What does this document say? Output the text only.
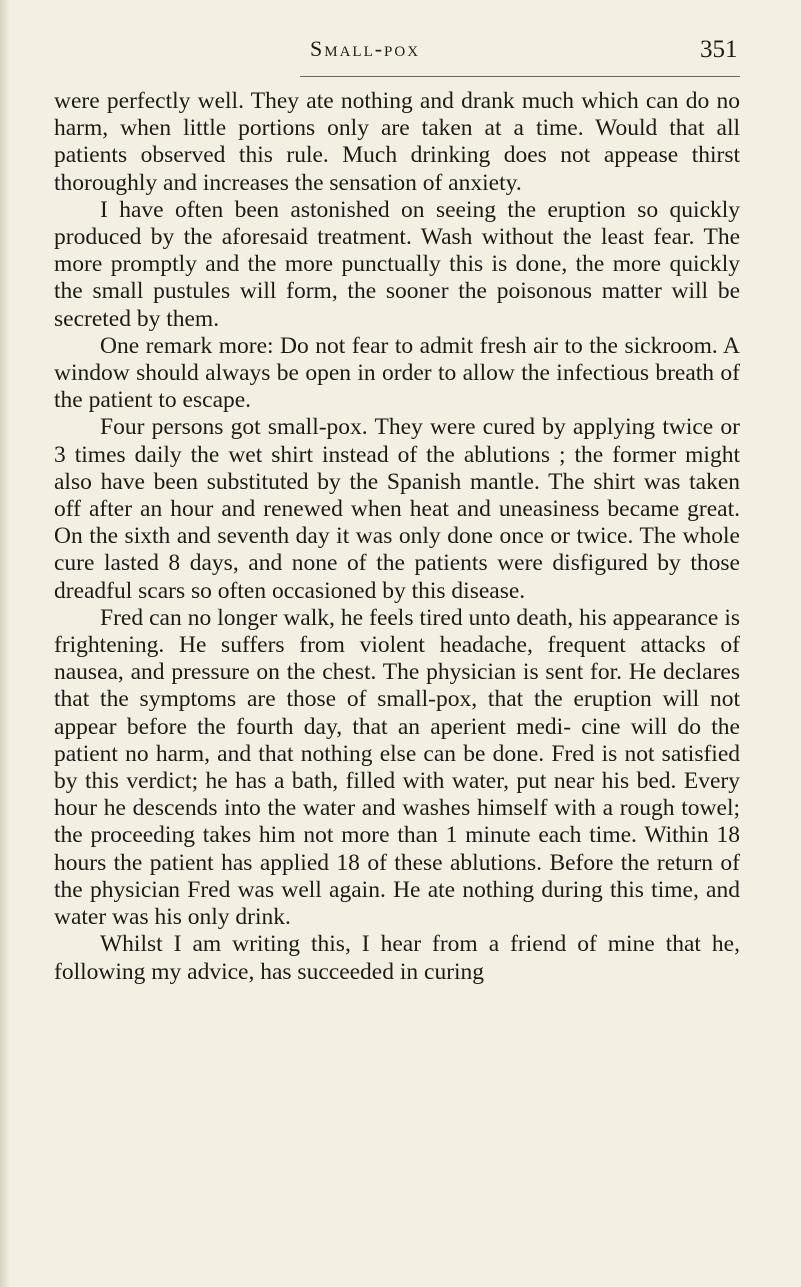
Small-pox	351

were perfectly well. They ate nothing and drank much which can do no harm, when little portions only are taken at a time. Would that all patients observed this rule. Much drinking does not appease thirst thoroughly and increases the sensation of anxiety.

I have often been astonished on seeing the eruption so quickly produced by the aforesaid treatment. Wash without the least fear. The more promptly and the more punctually this is done, the more quickly the small pustules will form, the sooner the poisonous matter will be secreted by them.

One remark more: Do not fear to admit fresh air to the sickroom. A window should always be open in order to allow the infectious breath of the patient to escape.

Four persons got small-pox. They were cured by applying twice or 3 times daily the wet shirt instead of the ablutions ; the former might also have been substituted by the Spanish mantle. The shirt was taken off after an hour and renewed when heat and uneasiness became great. On the sixth and seventh day it was only done once or twice. The whole cure lasted 8 days, and none of the patients were disfigured by those dreadful scars so often occasioned by this disease.

Fred can no longer walk, he feels tired unto death, his appearance is frightening. He suffers from violent headache, frequent attacks of nausea, and pressure on the chest. The physician is sent for. He declares that the symptoms are those of small-pox, that the eruption will not appear before the fourth day, that an aperient medi- cine will do the patient no harm, and that nothing else can be done. Fred is not satisfied by this verdict; he has a bath, filled with water, put near his bed. Every hour he descends into the water and washes himself with a rough towel; the proceeding takes him not more than 1 minute each time. Within 18 hours the patient has applied 18 of these ablutions. Before the return of the physician Fred was well again. He ate nothing during this time, and water was his only drink.

Whilst I am writing this, I hear from a friend of mine that he, following my advice, has succeeded in curing
